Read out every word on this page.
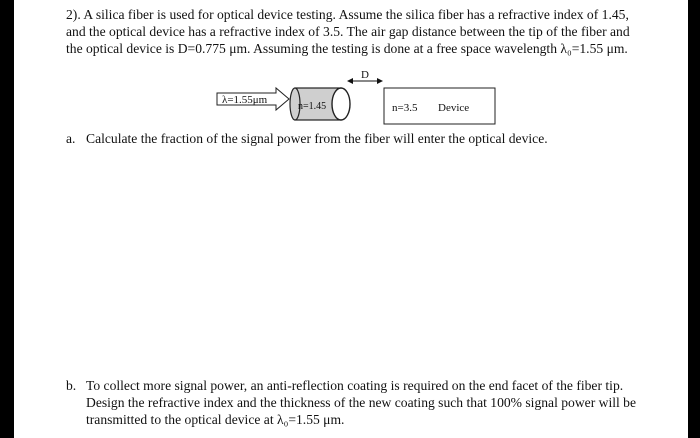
2). A silica fiber is used for optical device testing. Assume the silica fiber has a refractive index of 1.45,
and the optical device has a refractive index of 3.5. The air gap distance between the tip of the fiber and
the optical device is D=0.775 μm. Assuming the testing is done at a free space wavelength λ₀=1.55 μm.
λ=1.55μm
n=1.45
D
n=3.5 Device
a. Calculate the fraction of the signal power from the fiber will enter the optical device.
b. To collect more signal power, an anti-reflection coating is required on the end facet of the fiber tip.
Design the refractive index and the thickness of the new coating such that 100% signal power will be
transmitted to the optical device at λ₀=1.55 μm.
